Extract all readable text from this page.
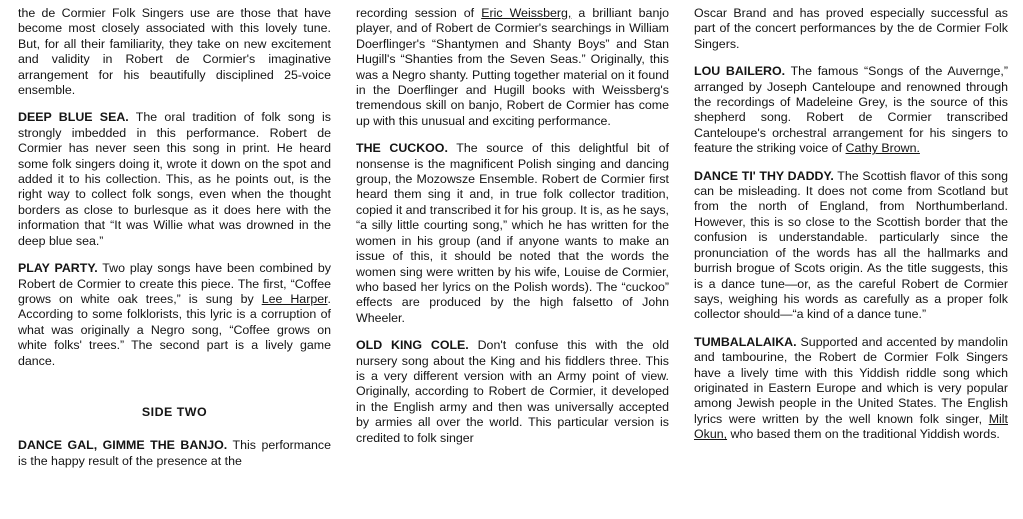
the de Cormier Folk Singers use are those that have become most closely associated with this lovely tune. But, for all their familiarity, they take on new excitement and validity in Robert de Cormier's imaginative arrangement for his beautifully disciplined 25-voice ensemble.

DEEP BLUE SEA. The oral tradition of folk song is strongly imbedded in this performance. Robert de Cormier has never seen this song in print. He heard some folk singers doing it, wrote it down on the spot and added it to his collection. This, as he points out, is the right way to collect folk songs, even when the thought borders as close to burlesque as it does here with the information that “It was Willie what was drowned in the deep blue sea.”

PLAY PARTY. Two play songs have been combined by Robert de Cormier to create this piece. The first, “Coffee grows on white oak trees,” is sung by Lee Harper. According to some folklorists, this lyric is a corruption of what was originally a Negro song, “Coffee grows on white folks' trees.” The second part is a lively game dance.

SIDE TWO

DANCE GAL, GIMME THE BANJO. This performance is the happy result of the presence at the

recording session of Eric Weissberg, a brilliant banjo player, and of Robert de Cormier's searchings in William Doerflinger's “Shantymen and Shanty Boys” and Stan Hugill's “Shanties from the Seven Seas.” Originally, this was a Negro shanty. Putting together material on it found in the Doerflinger and Hugill books with Weissberg's tremendous skill on banjo, Robert de Cormier has come up with this unusual and exciting performance.

THE CUCKOO. The source of this delightful bit of nonsense is the magnificent Polish singing and dancing group, the Mozowsze Ensemble. Robert de Cormier first heard them sing it and, in true folk collector tradition, copied it and transcribed it for his group. It is, as he says, “a silly little courting song,” which he has written for the women in his group (and if anyone wants to make an issue of this, it should be noted that the words the women sing were written by his wife, Louise de Cormier, who based her lyrics on the Polish words). The “cuckoo” effects are produced by the high falsetto of John Wheeler.

OLD KING COLE. Don't confuse this with the old nursery song about the King and his fiddlers three. This is a very different version with an Army point of view. Originally, according to Robert de Cormier, it developed in the English army and then was universally accepted by armies all over the world. This particular version is credited to folk singer

Oscar Brand and has proved especially successful as part of the concert performances by the de Cormier Folk Singers.

LOU BAILERO. The famous “Songs of the Auvernge,” arranged by Joseph Canteloupe and renowned through the recordings of Madeleine Grey, is the source of this shepherd song. Robert de Cormier transcribed Canteloupe's orchestral arrangement for his singers to feature the striking voice of Cathy Brown.

DANCE TI' THY DADDY. The Scottish flavor of this song can be misleading. It does not come from Scotland but from the north of England, from Northumberland. However, this is so close to the Scottish border that the confusion is understandable. particularly since the pronunciation of the words has all the hallmarks and burrish brogue of Scots origin. As the title suggests, this is a dance tune—or, as the careful Robert de Cormier says, weighing his words as carefully as a proper folk collector should—“a kind of a dance tune.”

TUMBALALAIKA. Supported and accented by mandolin and tambourine, the Robert de Cormier Folk Singers have a lively time with this Yiddish riddle song which originated in Eastern Europe and which is very popular among Jewish people in the United States. The English lyrics were written by the well known folk singer, Milt Okun, who based them on the traditional Yiddish words.
